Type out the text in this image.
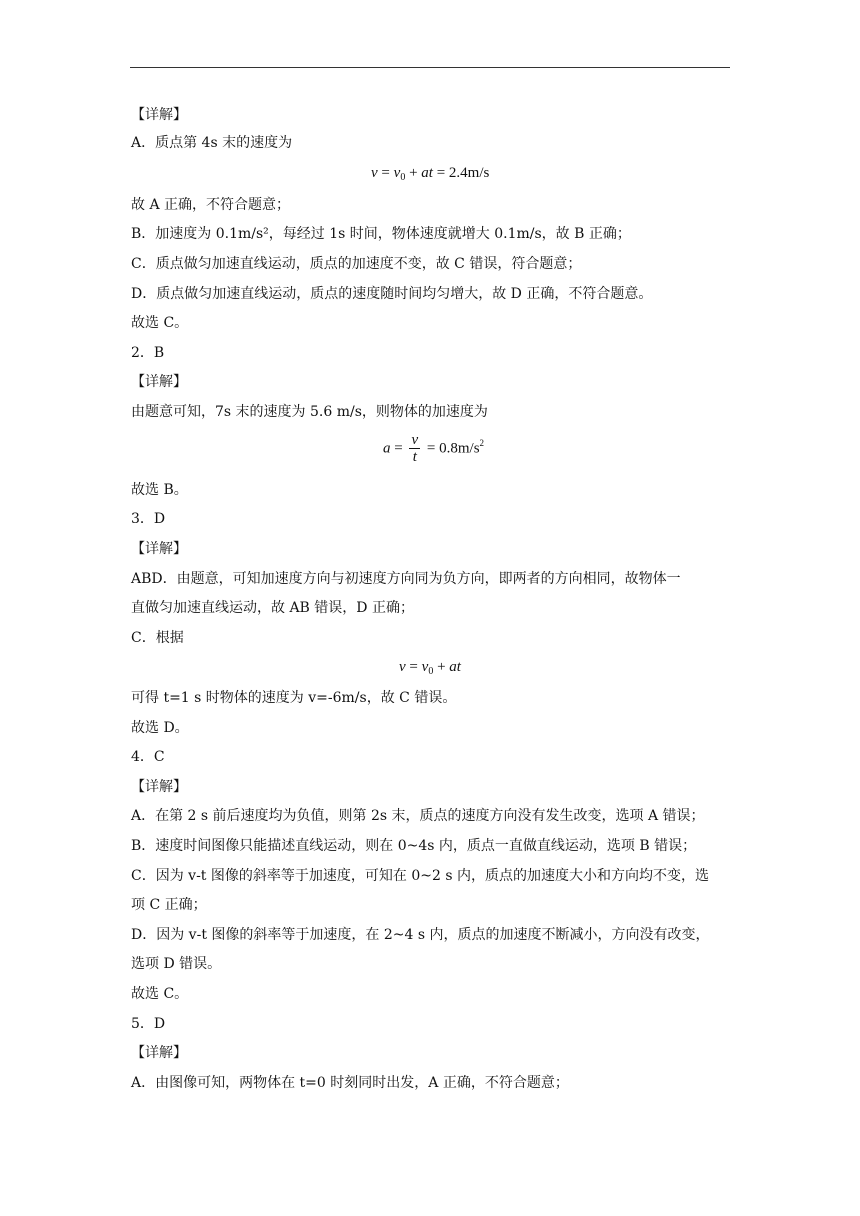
【详解】
A．质点第 4s 末的速度为
$v = v_0$ + at = 2.4m/s
故 A 正确，不符合题意；
B．加速度为 0.1m/s²，每经过 1s 时间，物体速度就增大 0.1m/s，故 B 正确；
C．质点做匀加速直线运动，质点的加速度不变，故 C 错误，符合题意；
D．质点做匀加速直线运动，质点的速度随时间均匀增大，故 D 正确，不符合题意。
故选 C。
2．B
【详解】
由题意可知，7s 末的速度为 5.6 m/s，则物体的加速度为
$a = \frac{v}{t} = 0.8m/s^2$
故选 B。
3．D
【详解】
ABD．由题意，可知加速度方向与初速度方向同为负方向，即两者的方向相同，故物体一
直做匀加速直线运动，故 AB 错误，D 正确；
C．根据
$v = v_0$ + at
可得 t=1 s 时物体的速度为 v=-6m/s，故 C 错误。
故选 D。
4．C
【详解】
A．在第 2 s 前后速度均为负值，则第 2s 末，质点的速度方向没有发生改变，选项 A 错误；
B．速度时间图像只能描述直线运动，则在 0~4s 内，质点一直做直线运动，选项 B 错误；
C．因为 v-t 图像的斜率等于加速度，可知在 0~2 s 内，质点的加速度大小和方向均不变，选
项 C 正确；
D．因为 v-t 图像的斜率等于加速度，在 2~4 s 内，质点的加速度不断减小，方向没有改变，
选项 D 错误。
故选 C。
5．D
【详解】
A．由图像可知，两物体在 t=0 时刻同时出发，A 正确，不符合题意；
